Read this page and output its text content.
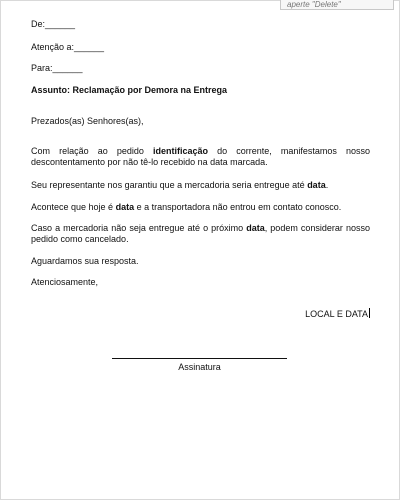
aperte "Delete"
De:______
Atenção a:______
Para:______
Assunto: Reclamação por Demora na Entrega
Prezados(as) Senhores(as),
Com relação ao pedido identificação do corrente, manifestamos nosso descontentamento por não tê-lo recebido na data marcada.
Seu representante nos garantiu que a mercadoria seria entregue até data.
Acontece que hoje é data e a transportadora não entrou em contato conosco.
Caso a mercadoria não seja entregue até o próximo data, podem considerar nosso pedido como cancelado.
Aguardamos sua resposta.
Atenciosamente,
LOCAL E DATA
Assinatura
